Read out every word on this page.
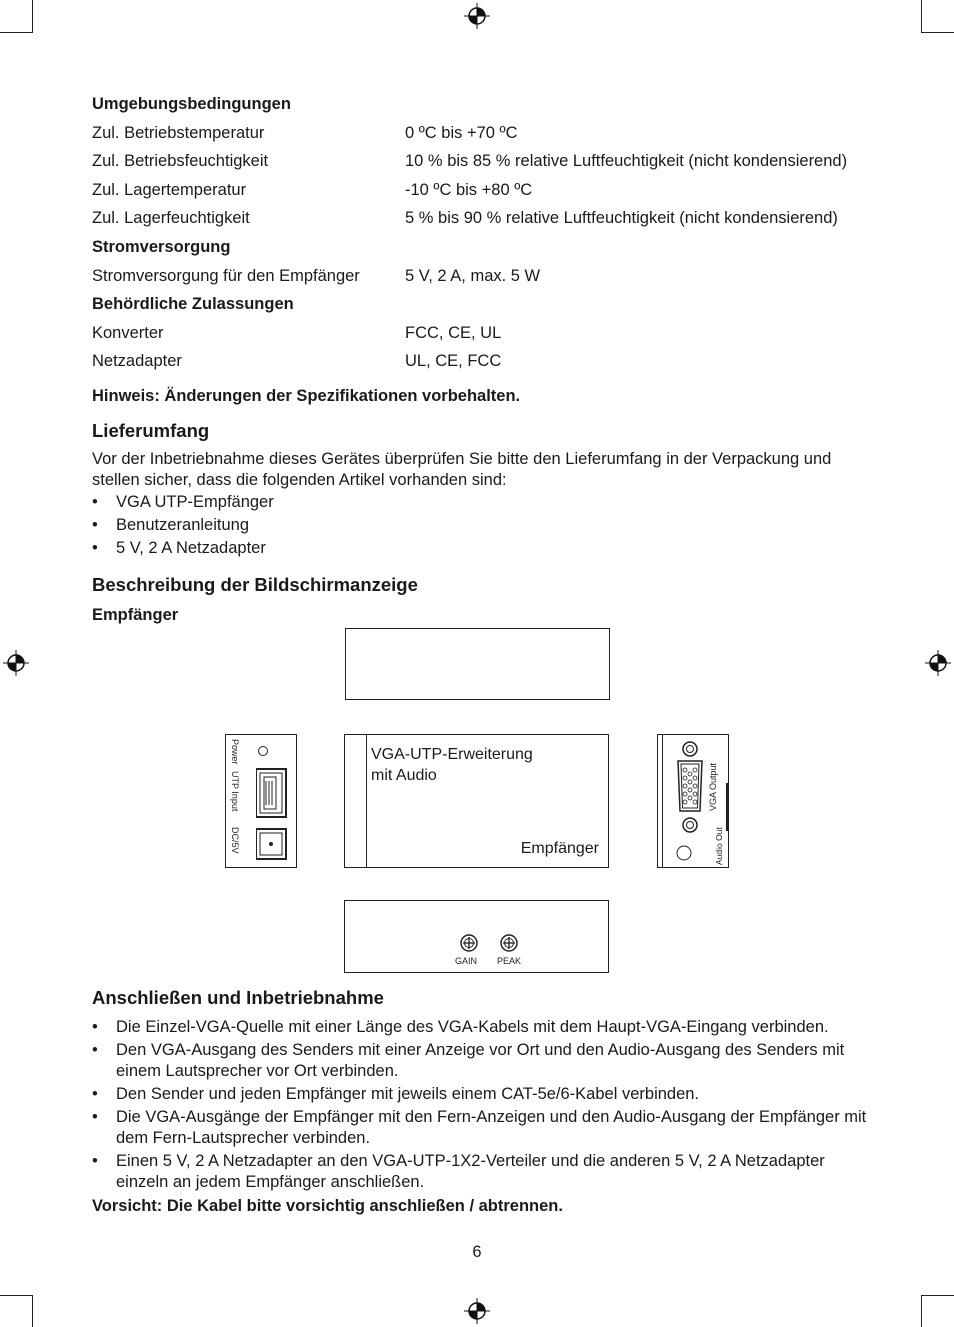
Umgebungsbedingungen
Zul. Betriebstemperatur	0 ºC bis +70 ºC
Zul. Betriebsfeuchtigkeit	10 % bis 85 % relative Luftfeuchtigkeit (nicht kondensierend)
Zul. Lagertemperatur	-10 ºC bis +80 ºC
Zul. Lagerfeuchtigkeit	5 % bis 90 % relative Luftfeuchtigkeit (nicht kondensierend)
Stromversorgung
Stromversorgung für den Empfänger	5 V, 2 A, max. 5 W
Behördliche Zulassungen
Konverter	FCC, CE, UL
Netzadapter	UL, CE, FCC
Hinweis: Änderungen der Spezifikationen vorbehalten.
Lieferumfang
Vor der Inbetriebnahme dieses Gerätes überprüfen Sie bitte den Lieferumfang in der Verpackung und stellen sicher, dass die folgenden Artikel vorhanden sind:
• VGA UTP-Empfänger
• Benutzeranleitung
• 5 V, 2 A Netzadapter
Beschreibung der Bildschirmanzeige
Empfänger
Power
UTP Input
DC/5V
VGA-UTP-Erweiterung
mit Audio
Empfänger
VGA Output
Audio Out
GAIN PEAK
Anschließen und Inbetriebnahme
• Die Einzel-VGA-Quelle mit einer Länge des VGA-Kabels mit dem Haupt-VGA-Eingang verbinden.
• Den VGA-Ausgang des Senders mit einer Anzeige vor Ort und den Audio-Ausgang des Senders mit einem Lautsprecher vor Ort verbinden.
• Den Sender und jeden Empfänger mit jeweils einem CAT-5e/6-Kabel verbinden.
• Die VGA-Ausgänge der Empfänger mit den Fern-Anzeigen und den Audio-Ausgang der Empfänger mit dem Fern-Lautsprecher verbinden.
• Einen 5 V, 2 A Netzadapter an den VGA-UTP-1X2-Verteiler und die anderen 5 V, 2 A Netzadapter einzeln an jedem Empfänger anschließen.
Vorsicht: Die Kabel bitte vorsichtig anschließen / abtrennen.
6
